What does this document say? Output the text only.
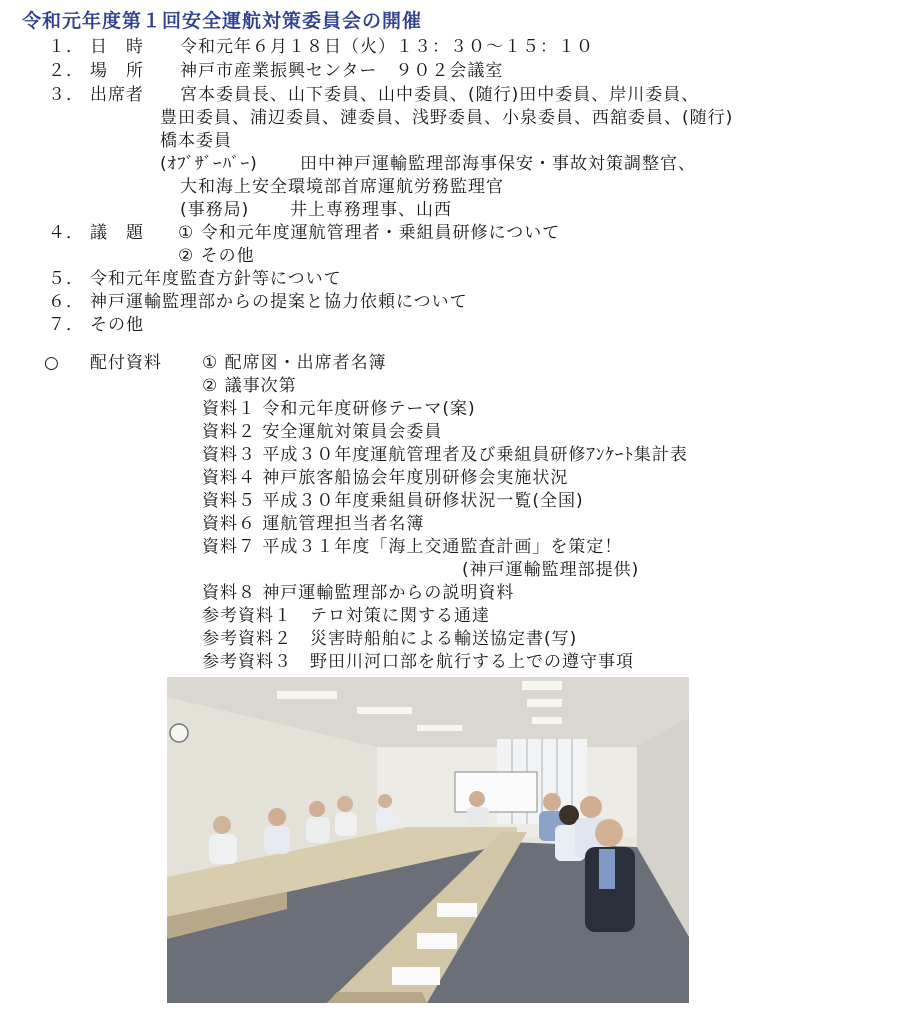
令和元年度第１回安全運航対策委員会の開催
１． 日　時 令和元年６月１８日（火）１３：３０～１５：１０
２． 場　所 神戸市産業振興センター　９０２会議室
３． 出席者 宮本委員長、山下委員、山中委員、(随行)田中委員、岸川委員、
豊田委員、浦辺委員、漣委員、浅野委員、小泉委員、西舘委員、(随行)
橋本委員
(ｵﾌﾞｻﾞｰﾊﾞｰ) 田中神戸運輸監理部海事保安・事故対策調整官、
大和海上安全環境部首席運航労務監理官
(事務局) 井上専務理事、山西
４． 議　題 ① 令和元年度運航管理者・乗組員研修について
② その他
５． 令和元年度監査方針等について
６． 神戸運輸監理部からの提案と協力依頼について
７． その他
○ 配付資料 ① 配席図・出席者名簿
② 議事次第
資料１ 令和元年度研修テーマ(案)
資料２ 安全運航対策員会委員
資料３ 平成３０年度運航管理者及び乗組員研修ｱﾝｹｰﾄ集計表
資料４ 神戸旅客船協会年度別研修会実施状況
資料５ 平成３０年度乗組員研修状況一覧(全国)
資料６ 運航管理担当者名簿
資料７ 平成３１年度「海上交通監査計画」を策定！
(神戸運輸監理部提供)
資料８ 神戸運輸監理部からの説明資料
参考資料１　テロ対策に関する通達
参考資料２　災害時船舶による輸送協定書(写)
参考資料３　野田川河口部を航行する上での遵守事項
